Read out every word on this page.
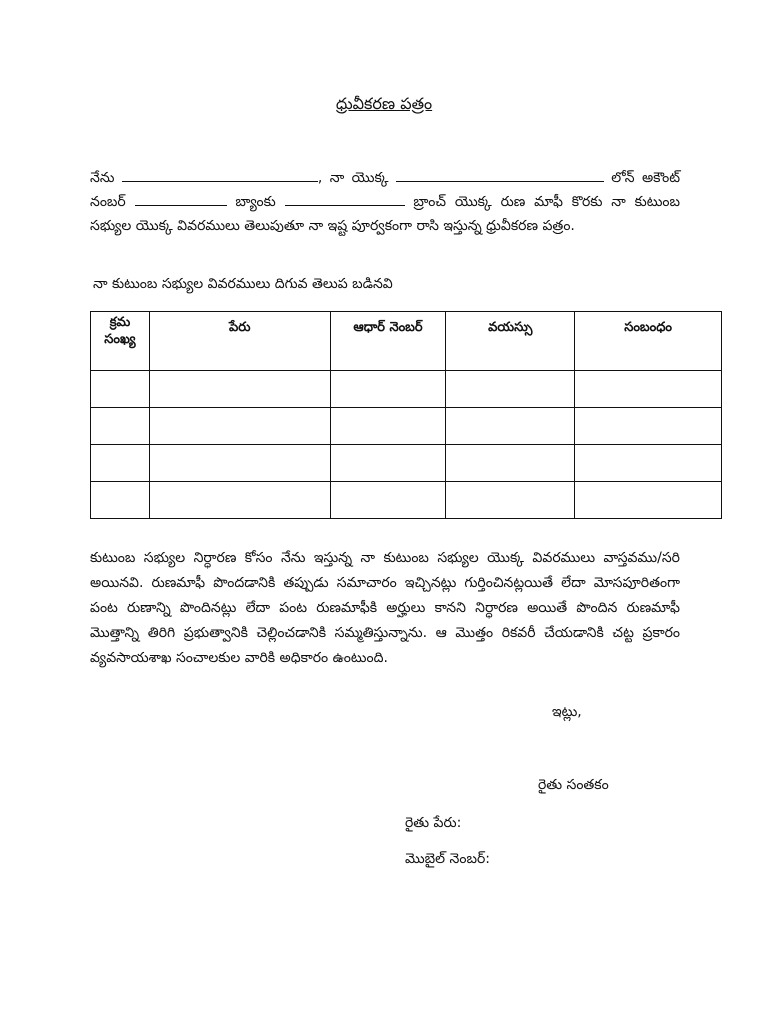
ధ్రువీకరణ పత్రం
నేను	, నా యొక్క	లోన్ అకౌంట్ నంబర్	బ్యాంకు	బ్రాంచ్ యొక్క రుణ మాఫీ కొరకు నా కుటుంబ సభ్యుల యొక్క వివరములు తెలుపుతూ నా ఇష్ట పూర్వకంగా రాసి ఇస్తున్న ధ్రువీకరణ పత్రం.
నా కుటుంబ సభ్యుల వివరములు దిగువ తెలుప బడినవి
క్రమ
సంఖ్య	పేరు	ఆధార్ నెంబర్	వయస్సు	సంబంధం

కుటుంబ సభ్యుల నిర్ధారణ కోసం నేను ఇస్తున్న నా కుటుంబ సభ్యుల యొక్క వివరములు వాస్తవము/సరి అయినవి. రుణమాఫీ పొందడానికి తప్పుడు సమాచారం ఇచ్చినట్లు గుర్తించినట్లయితే లేదా మోసపూరితంగా పంట రుణాన్ని పొందినట్లు లేదా పంట రుణమాఫీకి అర్హులు కానని నిర్ధారణ అయితే పొందిన రుణమాఫీ మొత్తాన్ని తిరిగి ప్రభుత్వానికి చెల్లించడానికి సమ్మతిస్తున్నాను. ఆ మొత్తం రికవరీ చేయడానికి చట్ట ప్రకారం వ్యవసాయశాఖ సంచాలకుల వారికి అధికారం ఉంటుంది.
ఇట్లు,
రైతు సంతకం
రైతు పేరు:
మొబైల్ నెంబర్:
